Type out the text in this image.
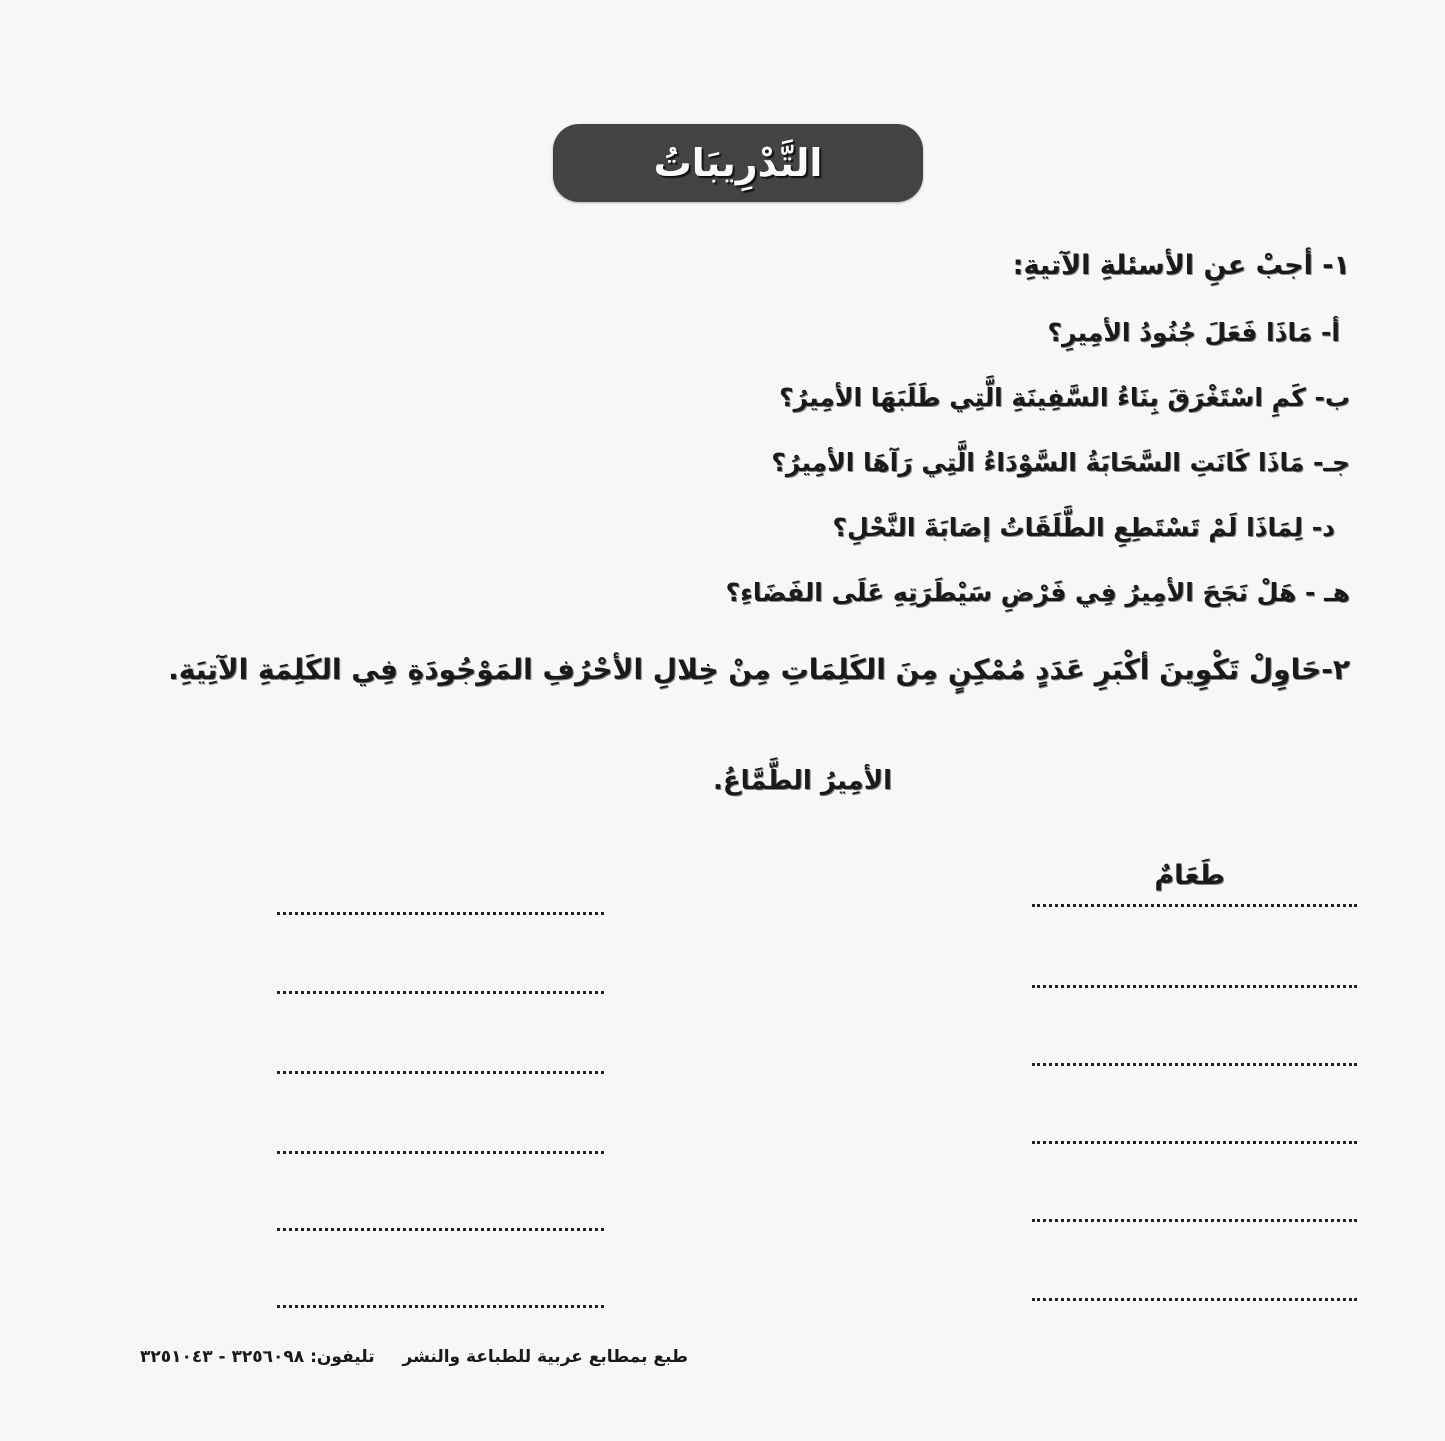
التَّدْرِيبَاتُ
١- أجبْ عنِ الأسئلةِ الآتيةِ:
أ- مَاذَا فَعَلَ جُنُودُ الأمِيرِ؟
ب- كَمِ اسْتَغْرَقَ بِنَاءُ السَّفِينَةِ الَّتِي طَلَبَهَا الأمِيرُ؟
جـ- مَاذَا كَانَتِ السَّحَابَةُ السَّوْدَاءُ الَّتِي رَآهَا الأمِيرُ؟
د- لِمَاذَا لَمْ تَسْتَطِعِ الطَّلَقَاتُ إصَابَةَ النَّحْلِ؟
هـ - هَلْ نَجَحَ الأمِيرُ فِي فَرْضِ سَيْطَرَتِهِ عَلَى الفَضَاءِ؟
٢-حَاوِلْ تَكْوِينَ أكْبَرِ عَدَدٍ مُمْكِنٍ مِنَ الكَلِمَاتِ مِنْ خِلالِ الأحْرُفِ المَوْجُودَةِ فِي الكَلِمَةِ الآتِيَةِ.
الأمِيرُ الطَّمَّاعُ.
طَعَامٌ
طبع بمطابع عربية للطباعة والنشر تليفون: ٣٢٥٦٠٩٨ - ٣٢٥١٠٤٣
